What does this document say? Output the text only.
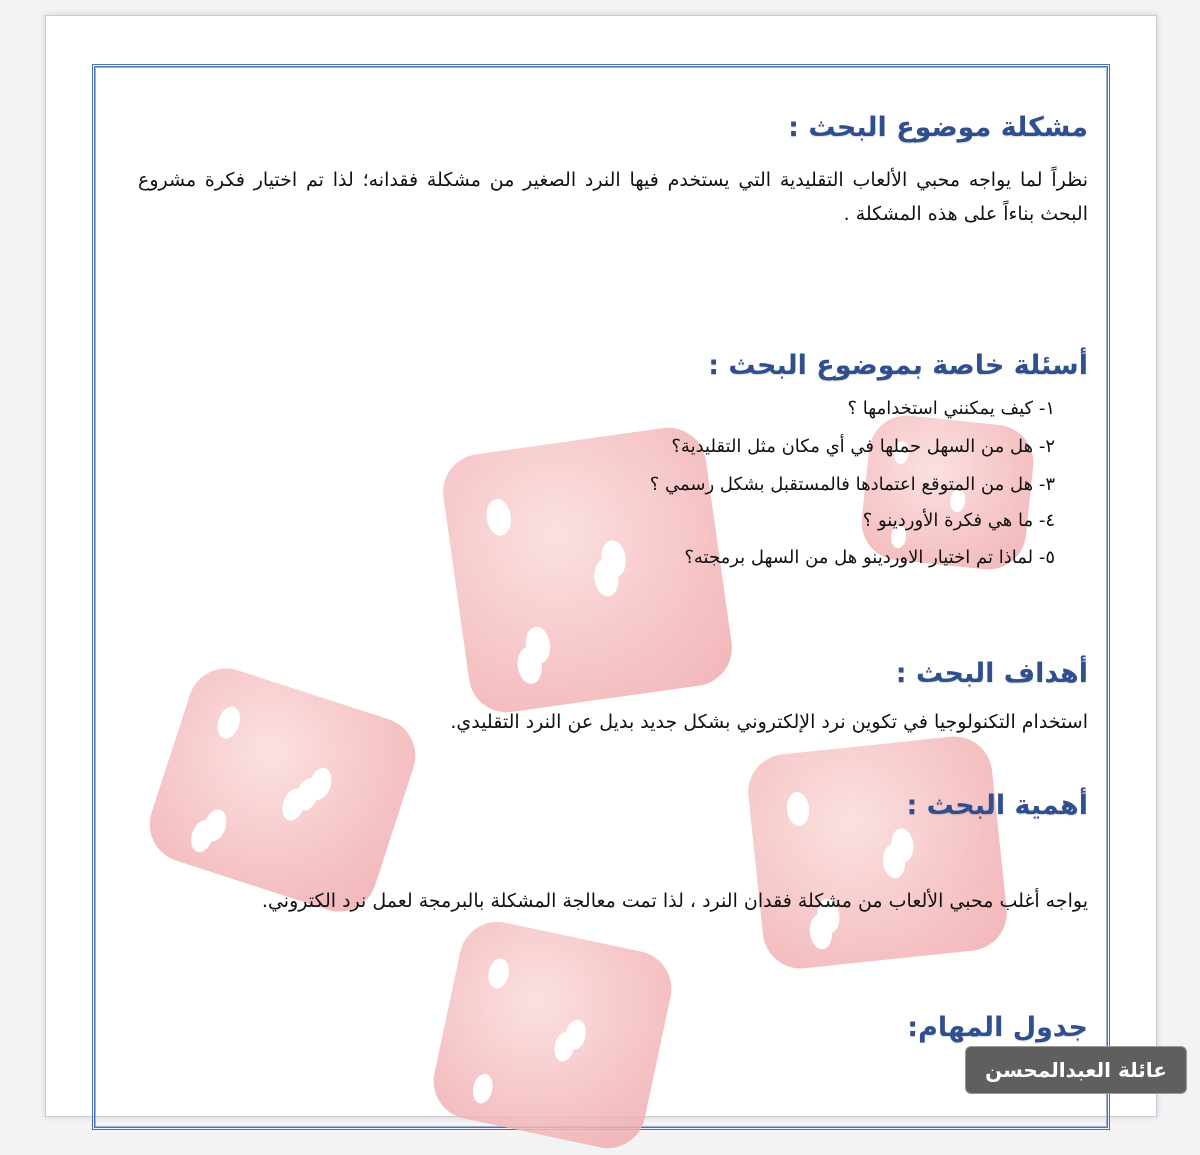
مشكلة موضوع البحث :
نظراً لما يواجه محبي الألعاب التقليدية التي يستخدم فيها النرد الصغير من مشكلة فقدانه؛ لذا تم اختيار فكرة مشروع البحث بناءاً على هذه المشكلة .
أسئلة خاصة بموضوع البحث :
١- كيف يمكنني استخدامها ؟
٢- هل من السهل حملها في أي مكان مثل التقليدية؟
٣- هل من المتوقع اعتمادها فالمستقبل بشكل رسمي ؟
٤- ما هي فكرة الأوردينو ؟
٥- لماذا تم اختيار الاوردينو هل من السهل برمجته؟
أهداف البحث :
استخدام التكنولوجيا في تكوين نرد الإلكتروني بشكل جديد بديل عن النرد التقليدي.
أهمية البحث :
يواجه أغلب محبي الألعاب من مشكلة فقدان النرد ، لذا تمت معالجة المشكلة بالبرمجة لعمل نرد الكتروني.
جدول المهام:
عائلة العبدالمحسن
